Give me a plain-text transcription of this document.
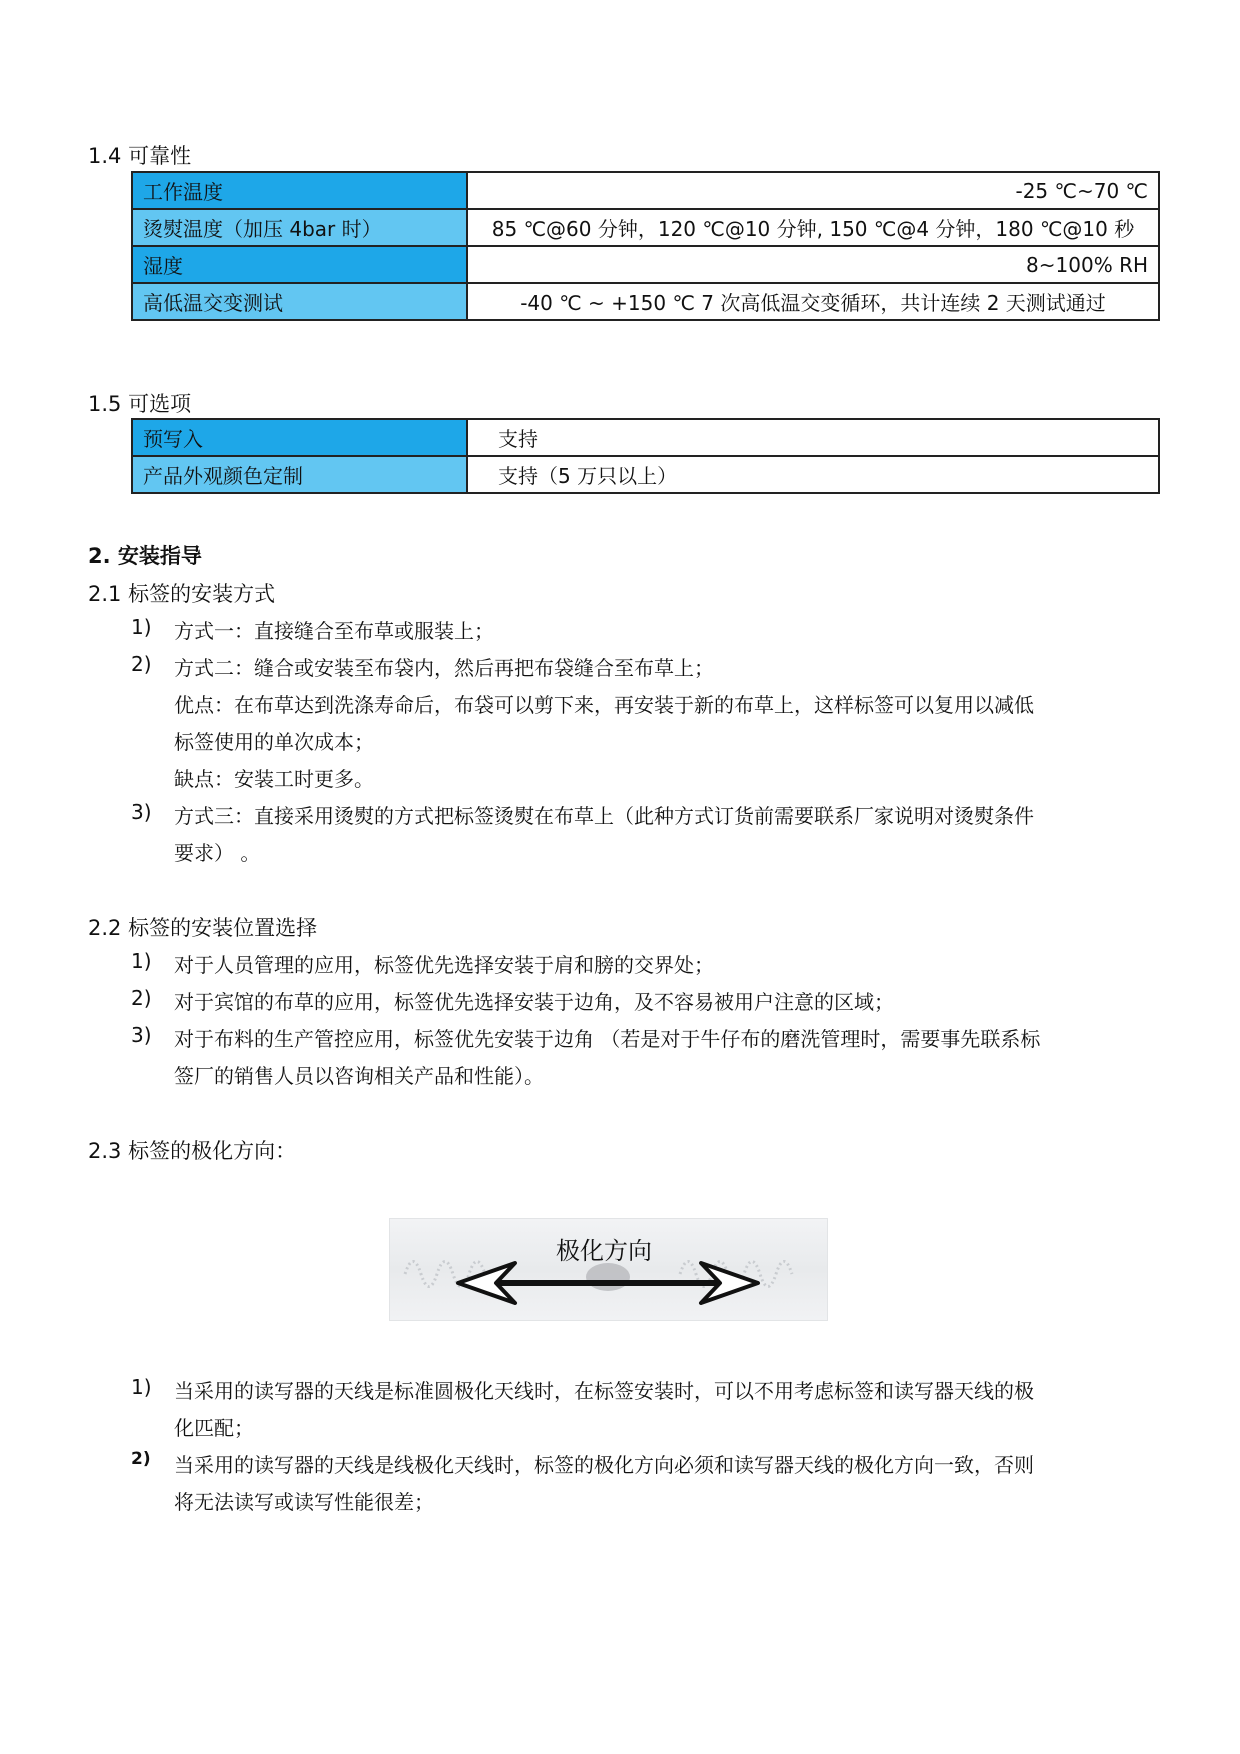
1.4 可靠性
工作温度	-25 ℃~70 ℃
烫熨温度（加压 4bar 时）	85 ℃@60 分钟，120 ℃@10 分钟, 150 ℃@4 分钟，180 ℃@10 秒
湿度	8~100% RH
高低温交变测试	-40 ℃ ~ +150 ℃ 7 次高低温交变循环，共计连续 2 天测试通过
1.5 可选项
预写入	支持
产品外观颜色定制	支持（5 万只以上）
2. 安装指导
2.1 标签的安装方式
1) 方式一：直接缝合至布草或服装上；
2) 方式二：缝合或安装至布袋内，然后再把布袋缝合至布草上；
优点：在布草达到洗涤寿命后，布袋可以剪下来，再安装于新的布草上，这样标签可以复用以减低
标签使用的单次成本；
缺点：安装工时更多。
3) 方式三：直接采用烫熨的方式把标签烫熨在布草上（此种方式订货前需要联系厂家说明对烫熨条件
要求） 。
2.2 标签的安装位置选择
1) 对于人员管理的应用，标签优先选择安装于肩和膀的交界处；
2) 对于宾馆的布草的应用，标签优先选择安装于边角，及不容易被用户注意的区域；
3) 对于布料的生产管控应用，标签优先安装于边角 （若是对于牛仔布的磨洗管理时，需要事先联系标
签厂的销售人员以咨询相关产品和性能）。
2.3 标签的极化方向：
极化方向
1) 当采用的读写器的天线是标准圆极化天线时，在标签安装时，可以不用考虑标签和读写器天线的极
化匹配；
2) 当采用的读写器的天线是线极化天线时，标签的极化方向必须和读写器天线的极化方向一致，否则
将无法读写或读写性能很差；
